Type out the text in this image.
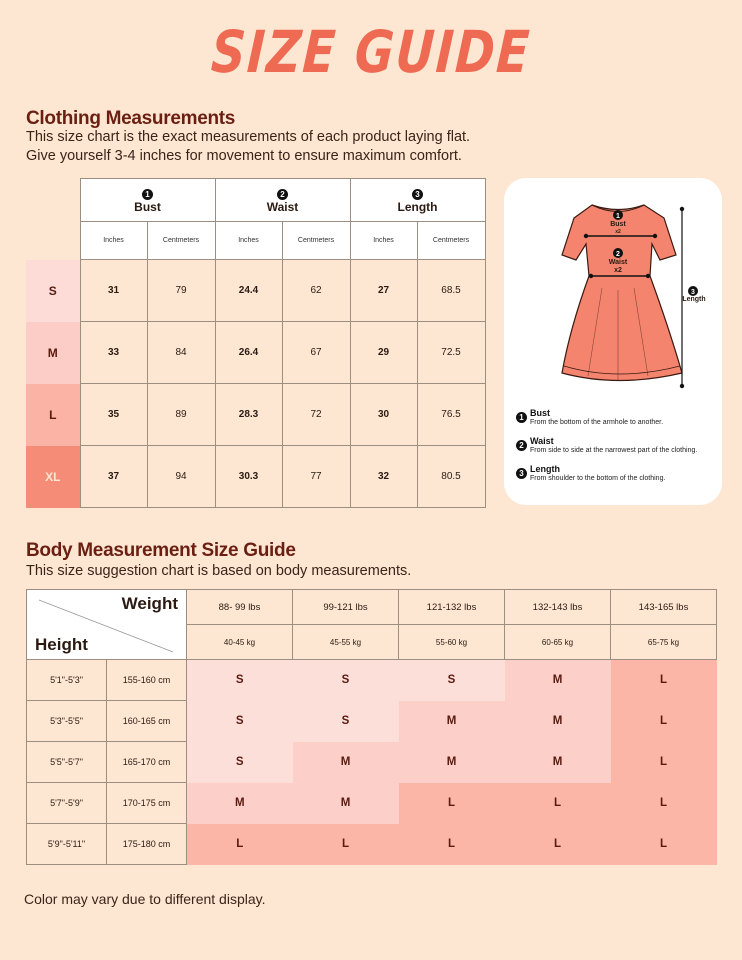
SIZE GUIDE
Clothing Measurements
This size chart is the exact measurements of each product laying flat.
Give yourself 3-4 inches for movement to ensure maximum comfort.
	1
Bust		2
Waist		3
Length	
	Inches	Centmeters	Inches	Centmeters	Inches	Centmeters
S	31	79	24.4	62	27	68.5
M	33	84	26.4	67	29	72.5
L	35	89	28.3	72	30	76.5
XL	37	94	30.3	77	32	80.5
1
2
3
Bust
x2
Waist
x2
Length
1 Bust
From the bottom of the armhole to another.
2 Waist
From side to side at the narrowest part of the clothing.
3 Length
From shoulder to the bottom of the clothing.
Body Measurement Size Guide
This size suggestion chart is based on body measurements.
Weight
Height		88- 99 lbs	99-121 lbs	121-132 lbs	132-143 lbs	143-165 lbs
		40-45 kg	45-55 kg	55-60 kg	60-65 kg	65-75 kg
5'1"-5'3"	155-160 cm	S	S	S	M	L
5'3"-5'5"	160-165 cm	S	S	M	M	L
5'5"-5'7"	165-170 cm	S	M	M	M	L
5'7"-5'9"	170-175 cm	M	M	L	L	L
5'9"-5'11"	175-180 cm	L	L	L	L	L
Color may vary due to different display.
